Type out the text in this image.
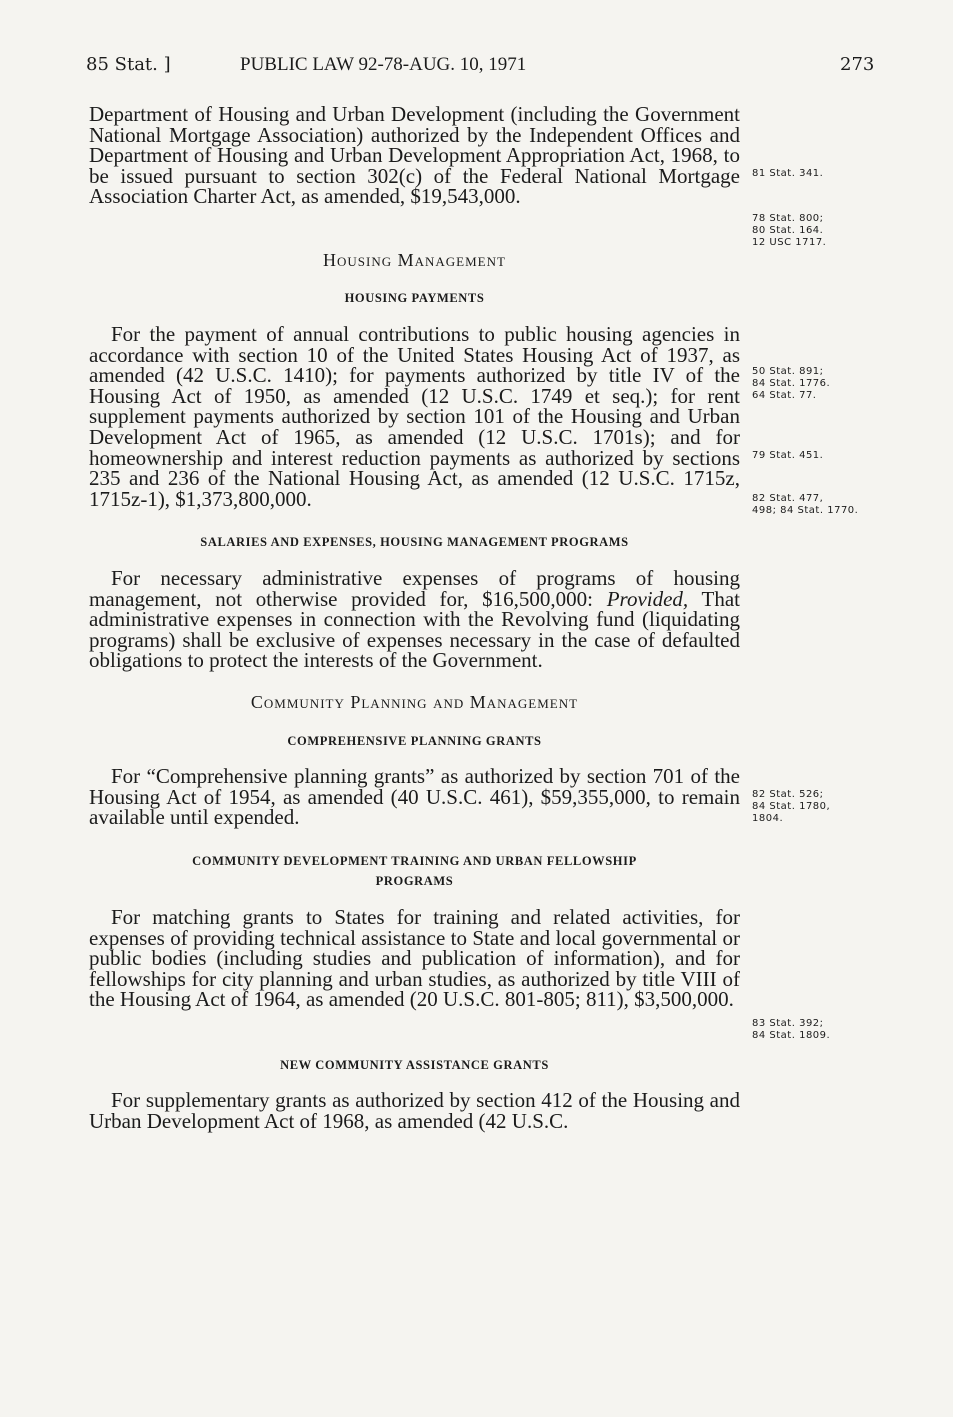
85 Stat. ]	PUBLIC LAW 92-78-AUG. 10, 1971	273
Department of Housing and Urban Development (including the Government National Mortgage Association) authorized by the Independent Offices and Department of Housing and Urban Development Appropriation Act, 1968, to be issued pursuant to section 302(c) of the Federal National Mortgage Association Charter Act, as amended, $19,543,000.
Housing Management
HOUSING PAYMENTS
For the payment of annual contributions to public housing agencies in accordance with section 10 of the United States Housing Act of 1937, as amended (42 U.S.C. 1410); for payments authorized by title IV of the Housing Act of 1950, as amended (12 U.S.C. 1749 et seq.); for rent supplement payments authorized by section 101 of the Housing and Urban Development Act of 1965, as amended (12 U.S.C. 1701s); and for homeownership and interest reduction payments as authorized by sections 235 and 236 of the National Housing Act, as amended (12 U.S.C. 1715z, 1715z-1), $1,373,800,000.
SALARIES AND EXPENSES, HOUSING MANAGEMENT PROGRAMS
For necessary administrative expenses of programs of housing management, not otherwise provided for, $16,500,000: Provided, That administrative expenses in connection with the Revolving fund (liquidating programs) shall be exclusive of expenses necessary in the case of defaulted obligations to protect the interests of the Government.
Community Planning and Management
COMPREHENSIVE PLANNING GRANTS
For “Comprehensive planning grants” as authorized by section 701 of the Housing Act of 1954, as amended (40 U.S.C. 461), $59,355,000, to remain available until expended.
COMMUNITY DEVELOPMENT TRAINING AND URBAN FELLOWSHIP
PROGRAMS
For matching grants to States for training and related activities, for expenses of providing technical assistance to State and local governmental or public bodies (including studies and publication of information), and for fellowships for city planning and urban studies, as authorized by title VIII of the Housing Act of 1964, as amended (20 U.S.C. 801-805; 811), $3,500,000.
NEW COMMUNITY ASSISTANCE GRANTS
For supplementary grants as authorized by section 412 of the Housing and Urban Development Act of 1968, as amended (42 U.S.C.
81 Stat. 341.
78 Stat. 800;
80 Stat. 164.
12 USC 1717.
50 Stat. 891;
84 Stat. 1776.
64 Stat. 77.
79 Stat. 451.
82 Stat. 477,
498; 84 Stat. 1770.
82 Stat. 526;
84 Stat. 1780,
1804.
83 Stat. 392;
84 Stat. 1809.
